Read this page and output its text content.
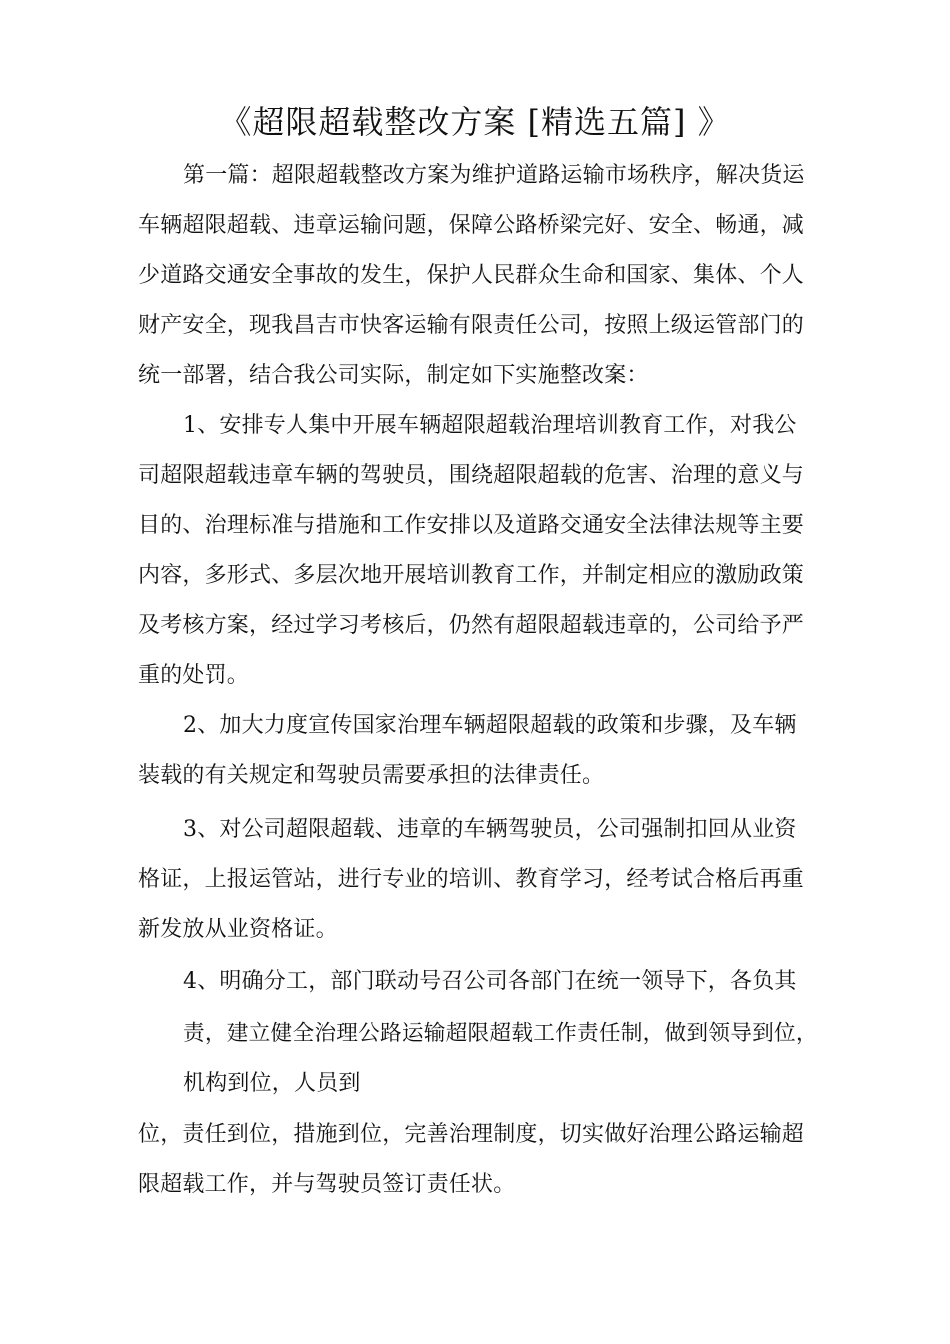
《超限超载整改方案 [精选五篇] 》
第一篇：超限超载整改方案为维护道路运输市场秩序，解决货运
车辆超限超载、违章运输问题，保障公路桥梁完好、安全、畅通，减
少道路交通安全事故的发生，保护人民群众生命和国家、集体、个人
财产安全，现我昌吉市快客运输有限责任公司，按照上级运管部门的
统一部署，结合我公司实际，制定如下实施整改案：
1、安排专人集中开展车辆超限超载治理培训教育工作，对我公
司超限超载违章车辆的驾驶员，围绕超限超载的危害、治理的意义与
目的、治理标准与措施和工作安排以及道路交通安全法律法规等主要
内容，多形式、多层次地开展培训教育工作，并制定相应的激励政策
及考核方案，经过学习考核后，仍然有超限超载违章的，公司给予严
重的处罚。
2、加大力度宣传国家治理车辆超限超载的政策和步骤，及车辆
装载的有关规定和驾驶员需要承担的法律责任。
3、对公司超限超载、违章的车辆驾驶员，公司强制扣回从业资
格证，上报运管站，进行专业的培训、教育学习，经考试合格后再重
新发放从业资格证。
4、明确分工，部门联动号召公司各部门在统一领导下，各负其
责，建立健全治理公路运输超限超载工作责任制，做到领导到位，
机构到位，人员到
位，责任到位，措施到位，完善治理制度，切实做好治理公路运输超
限超载工作，并与驾驶员签订责任状。
